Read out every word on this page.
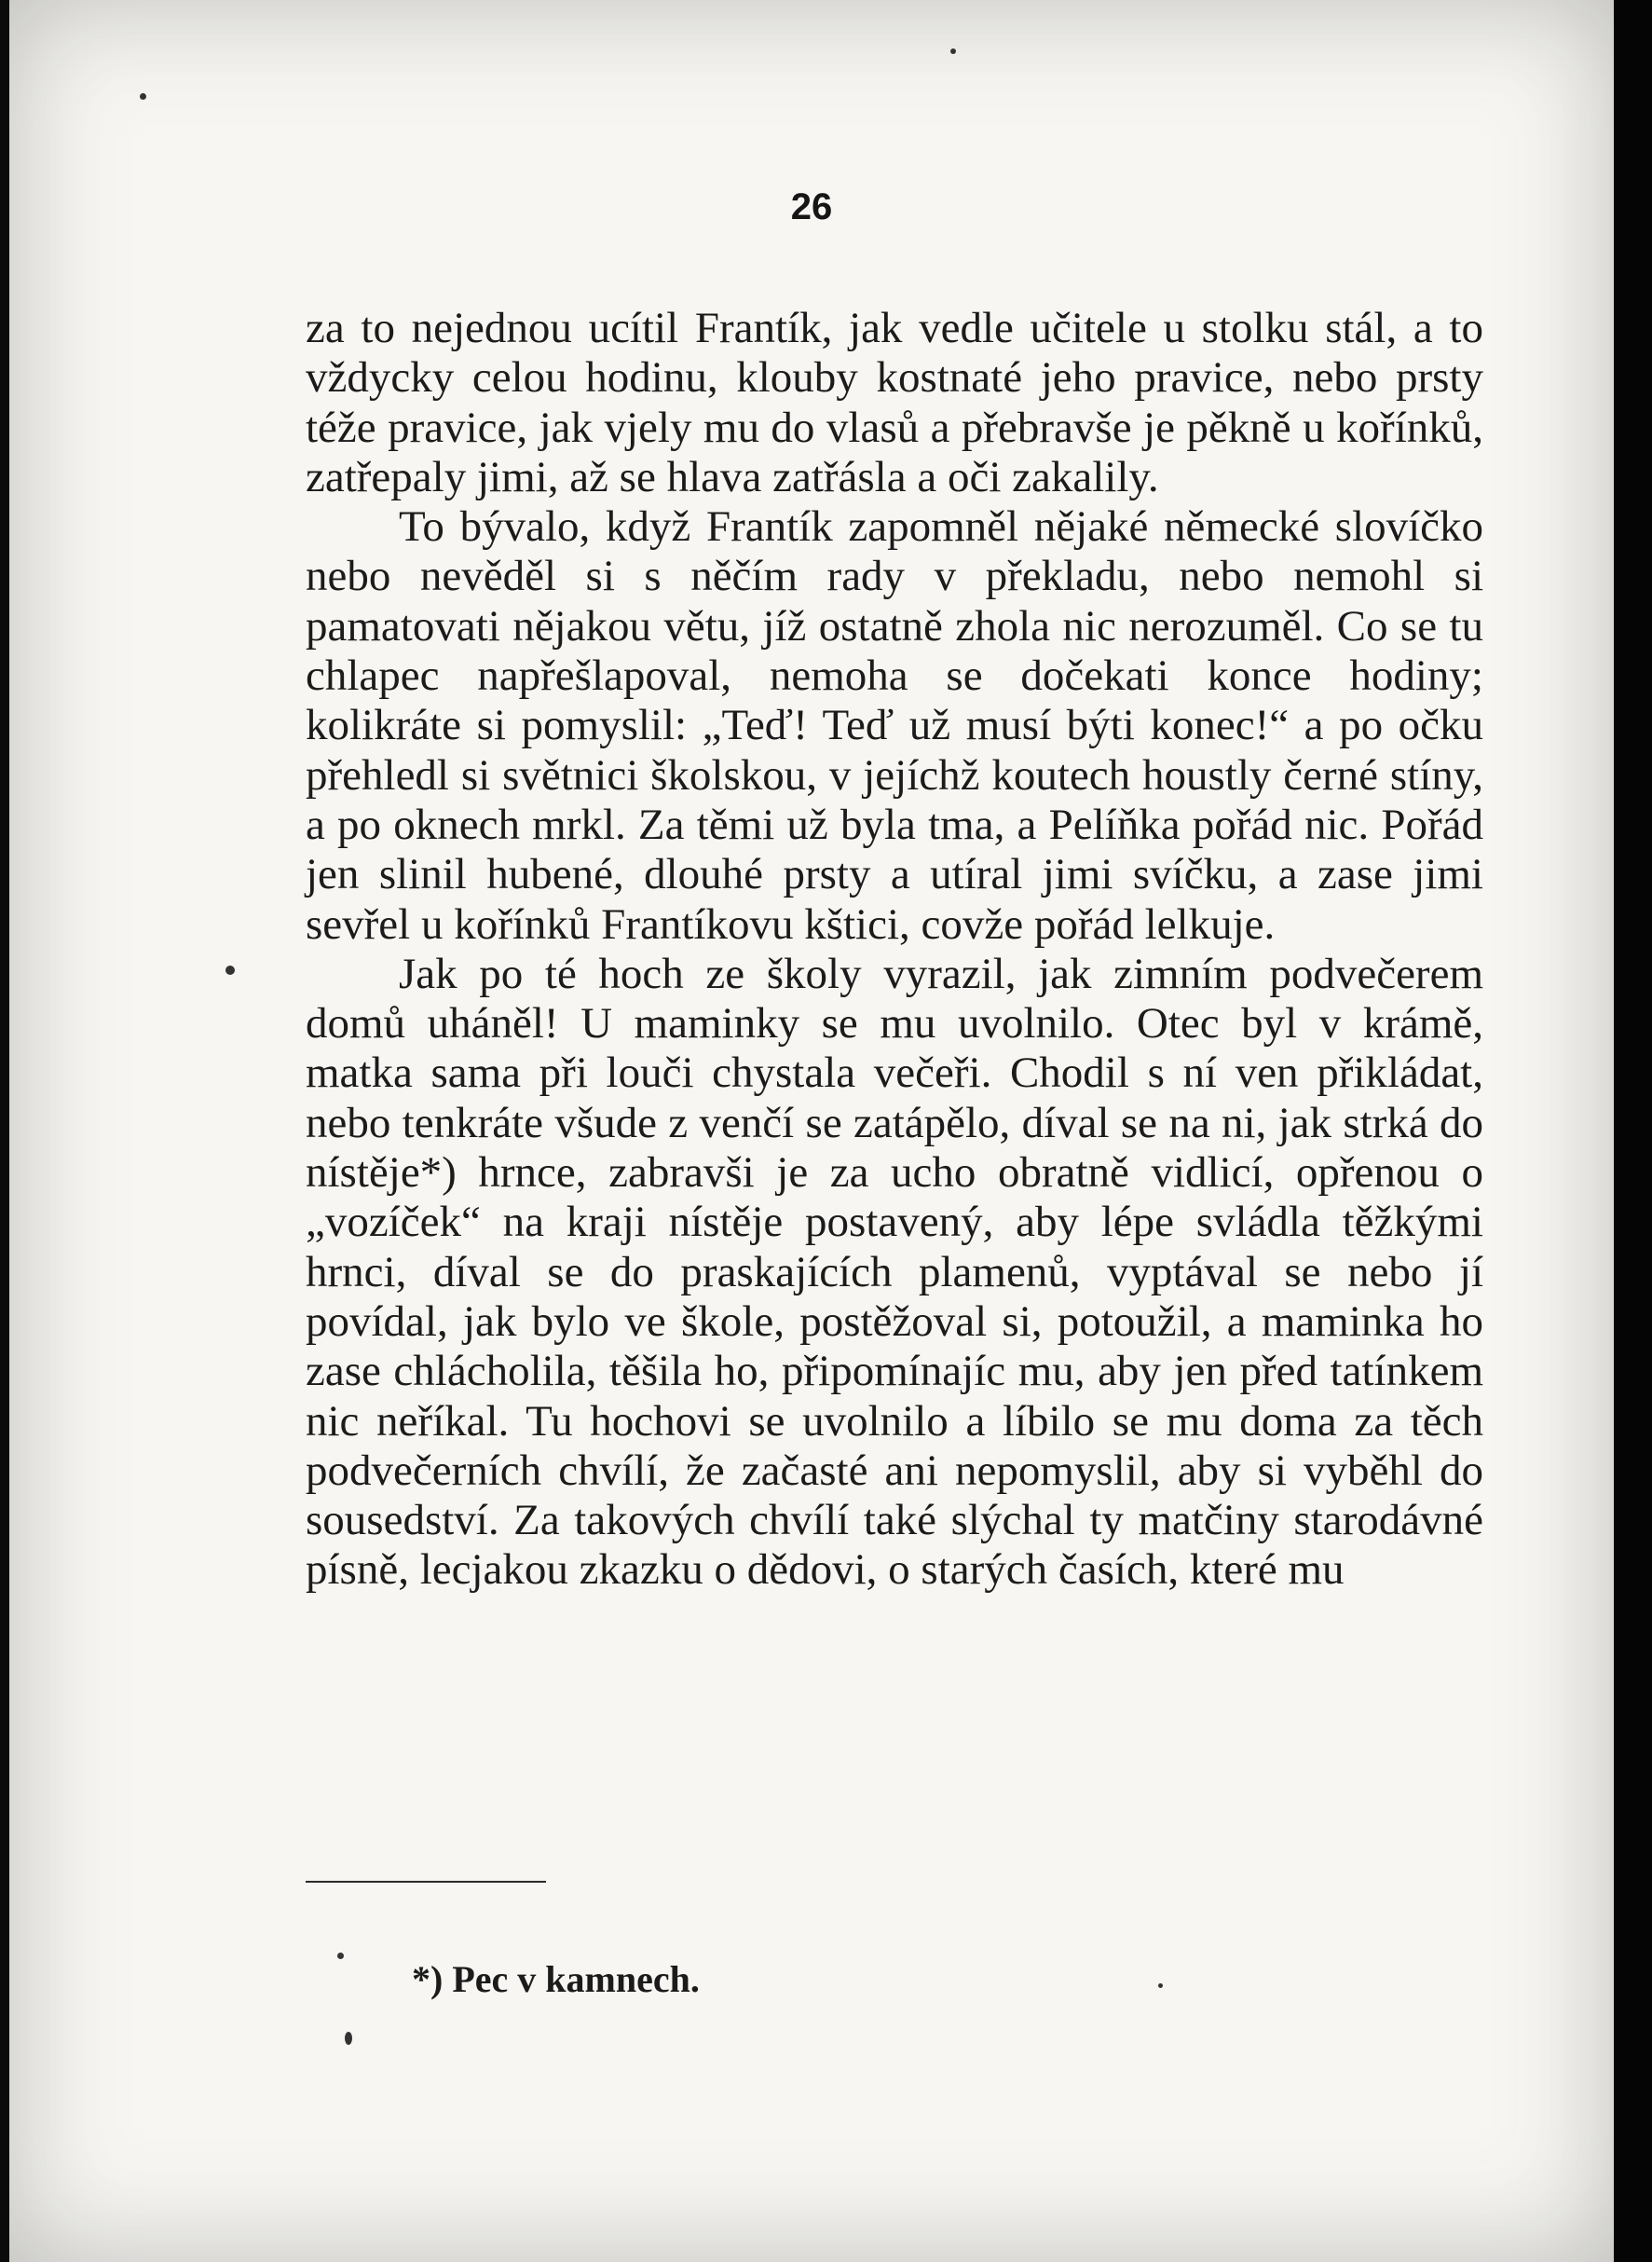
26

za to nejednou ucítil Frantík, jak vedle učitele u stolku stál, a to vždycky celou hodinu, klouby kostnaté jeho pravice, nebo prsty téže pravice, jak vjely mu do vlasů a přebravše je pěkně u kořínků, zatřepaly jimi, až se hlava zatřásla a oči zakalily.

To bývalo, když Frantík zapomněl nějaké německé slovíčko nebo nevěděl si s něčím rady v překladu, nebo nemohl si pamatovati nějakou větu, jíž ostatně zhola nic nerozuměl. Co se tu chlapec napřešlapoval, nemoha se dočekati konce hodiny; kolikráte si pomyslil: „Teď! Teď už musí býti konec!“ a po očku přehledl si světnici školskou, v jejíchž koutech houstly černé stíny, a po oknech mrkl. Za těmi už byla tma, a Pelíňka pořád nic. Pořád jen slinil hubené, dlouhé prsty a utíral jimi svíčku, a zase jimi sevřel u kořínků Frantíkovu kštici, covže pořád lelkuje.

Jak po té hoch ze školy vyrazil, jak zimním podvečerem domů uháněl! U maminky se mu uvolnilo. Otec byl v krámě, matka sama při louči chystala večeři. Chodil s ní ven přikládat, nebo tenkráte všude z venčí se zatápělo, díval se na ni, jak strká do nístěje*) hrnce, zabravši je za ucho obratně vidlicí, opřenou o „vozíček“ na kraji nístěje postavený, aby lépe svládla těžkými hrnci, díval se do praskajících plamenů, vyptával se nebo jí povídal, jak bylo ve škole, postěžoval si, potoužil, a maminka ho zase chlácholila, těšila ho, připomínajíc mu, aby jen před tatínkem nic neříkal. Tu hochovi se uvolnilo a líbilo se mu doma za těch podvečerních chvílí, že začasté ani nepomyslil, aby si vyběhl do sousedství. Za takových chvílí také slýchal ty matčiny starodávné písně, lecjakou zkazku o dědovi, o starých časích, které mu

*) Pec v kamnech.
